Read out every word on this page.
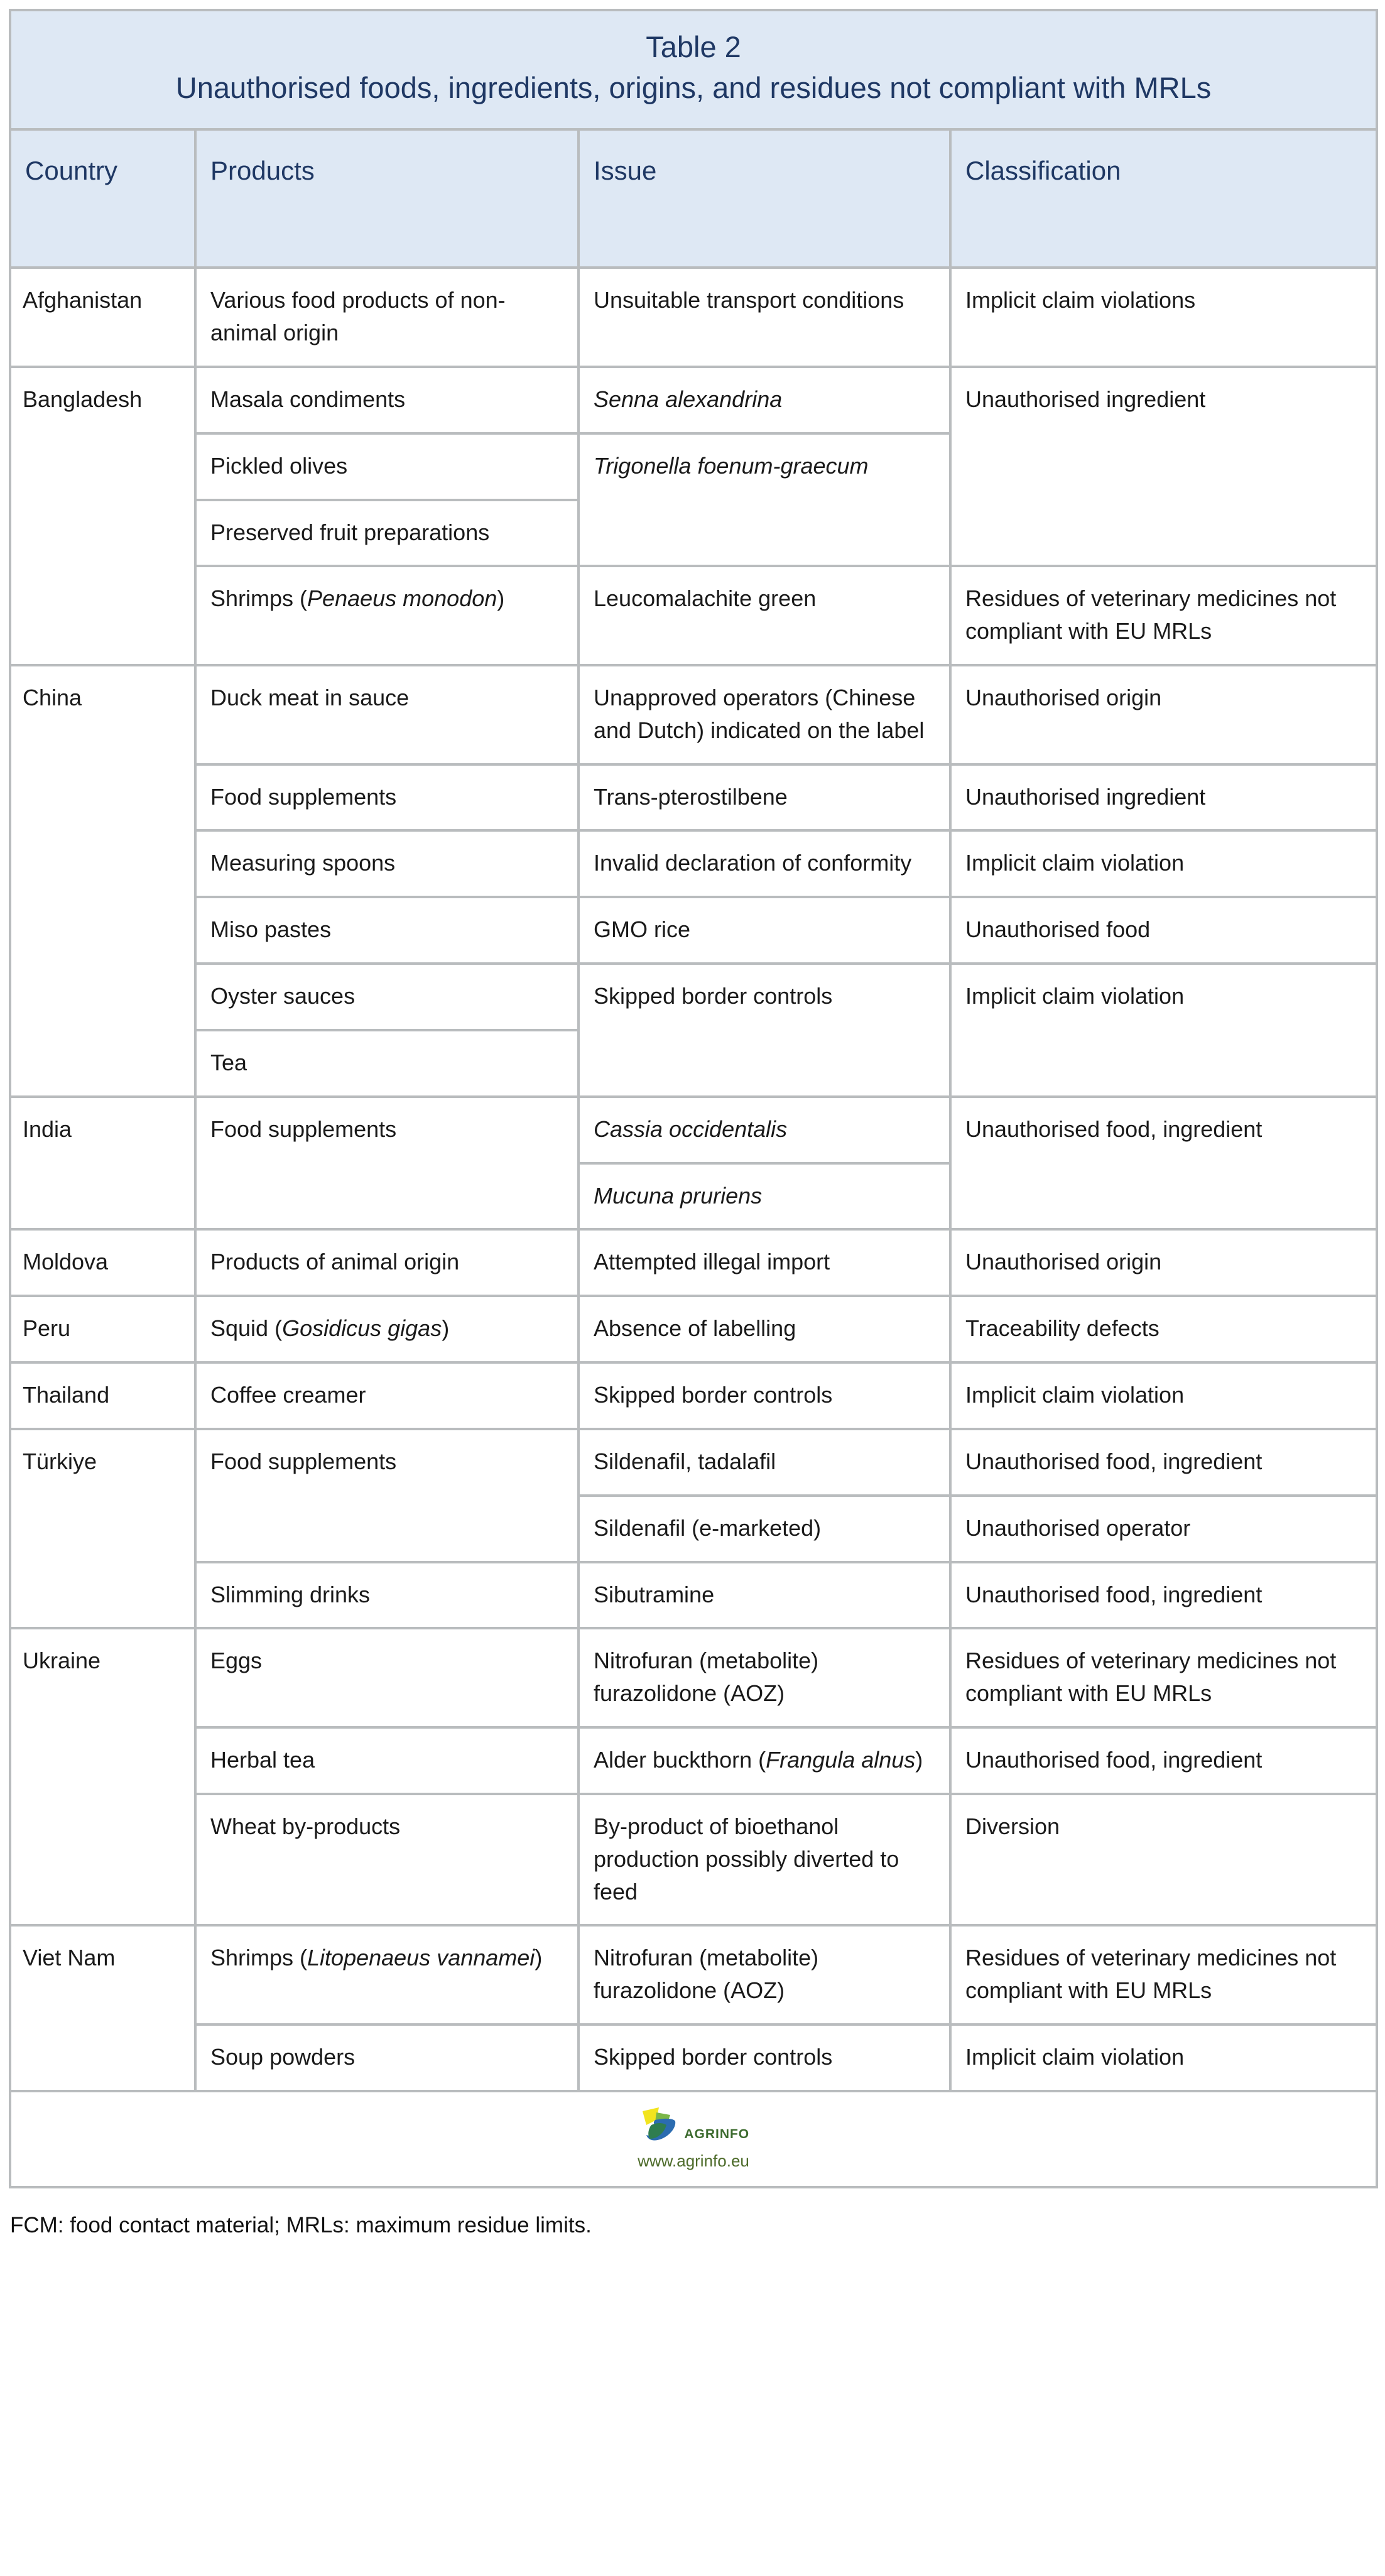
Table 2
Unauthorised foods, ingredients, origins, and residues not compliant with MRLs			

Country	Products	Issue	Classification
Afghanistan	Various food products of non-animal origin	Unsuitable transport conditions	Implicit claim violations
Bangladesh	Masala condiments	Senna alexandrina	Unauthorised ingredient
	Pickled olives	Trigonella foenum-graecum	
	Preserved fruit preparations		
	Shrimps (Penaeus monodon)	Leucomalachite green	Residues of veterinary medicines not compliant with EU MRLs
China	Duck meat in sauce	Unapproved operators (Chinese and Dutch) indicated on the label	Unauthorised origin
	Food supplements	Trans-pterostilbene	Unauthorised ingredient
	Measuring spoons	Invalid declaration of conformity	Implicit claim violation
	Miso pastes	GMO rice	Unauthorised food
	Oyster sauces	Skipped border controls	Implicit claim violation
	Tea		
India	Food supplements	Cassia occidentalis	Unauthorised food, ingredient
		Mucuna pruriens	
Moldova	Products of animal origin	Attempted illegal import	Unauthorised origin
Peru	Squid (Gosidicus gigas)	Absence of labelling	Traceability defects
Thailand	Coffee creamer	Skipped border controls	Implicit claim violation
Türkiye	Food supplements	Sildenafil, tadalafil	Unauthorised food, ingredient
		Sildenafil (e-marketed)	Unauthorised operator
	Slimming drinks	Sibutramine	Unauthorised food, ingredient
Ukraine	Eggs	Nitrofuran (metabolite) furazolidone (AOZ)	Residues of veterinary medicines not compliant with EU MRLs
	Herbal tea	Alder buckthorn (Frangula alnus)	Unauthorised food, ingredient
	Wheat by-products	By-product of bioethanol production possibly diverted to feed	Diversion
Viet Nam	Shrimps (Litopenaeus vannamei)	Nitrofuran (metabolite) furazolidone (AOZ)	Residues of veterinary medicines not compliant with EU MRLs
	Soup powders	Skipped border controls	Implicit claim violation

AGRINFO
www.agrinfo.eu			
FCM: food contact material; MRLs: maximum residue limits.
